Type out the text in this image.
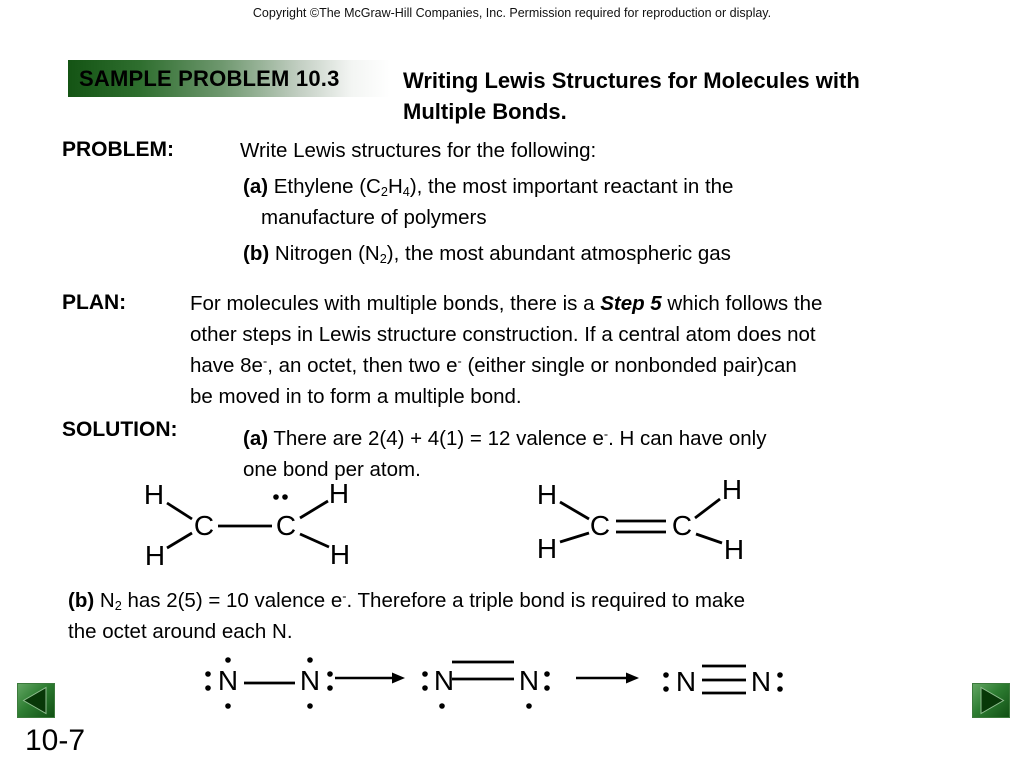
Copyright ©The McGraw-Hill Companies, Inc. Permission required for reproduction or display.
SAMPLE PROBLEM 10.3	Writing Lewis Structures for Molecules with
Multiple Bonds.
PROBLEM:	Write Lewis structures for the following:
(a) Ethylene (C2H4), the most important reactant in the
manufacture of polymers
(b) Nitrogen (N2), the most abundant atmospheric gas
PLAN:	For molecules with multiple bonds, there is a Step 5 which follows the
other steps in Lewis structure construction. If a central atom does not
have 8e-, an octet, then two e- (either single or nonbonded pair)can
be moved in to form a multiple bond.
SOLUTION:	(a) There are 2(4) + 4(1) = 12 valence e-. H can have only
one bond per atom.
H
H
C C
H
H
H
H
C C
H
H
(b) N2 has 2(5) = 10 valence e-. Therefore a triple bond is required to make
the octet around each N.
N N	N N	N N
10-7
